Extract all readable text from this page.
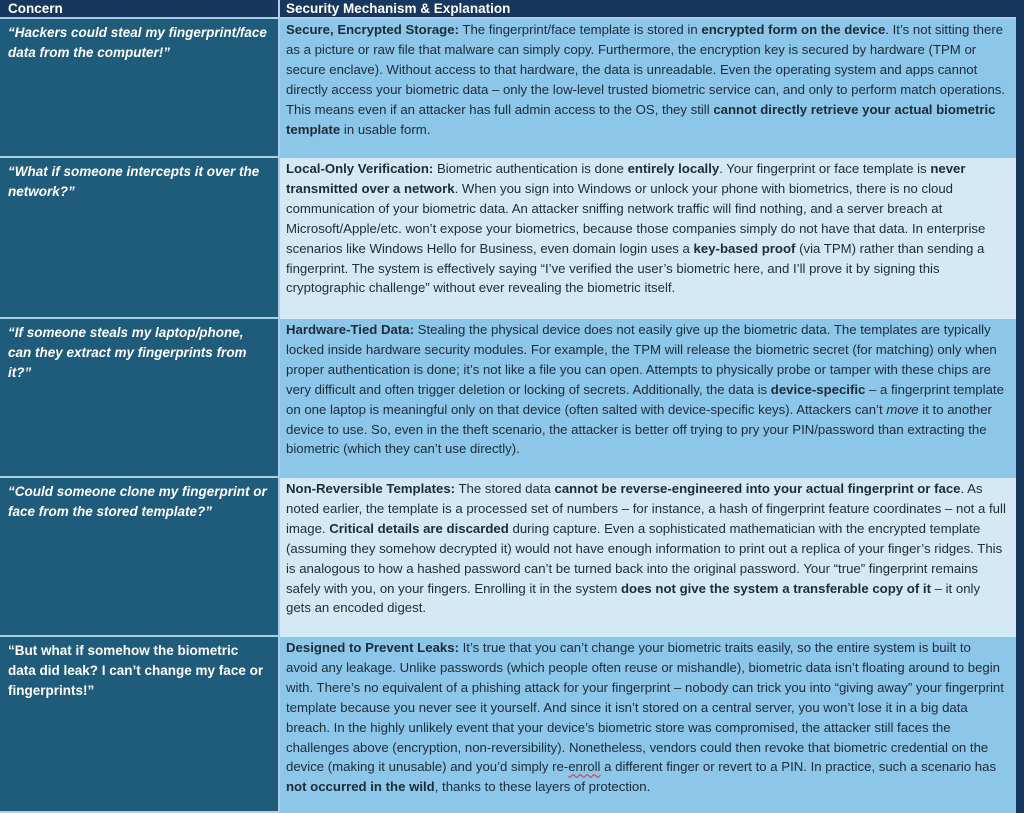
Concern	Security Mechanism & Explanation
“Hackers could steal my fingerprint/face data from the computer!”
Secure, Encrypted Storage: The fingerprint/face template is stored in encrypted form on the device. It’s not sitting there as a picture or raw file that malware can simply copy. Furthermore, the encryption key is secured by hardware (TPM or secure enclave). Without access to that hardware, the data is unreadable. Even the operating system and apps cannot directly access your biometric data – only the low-level trusted biometric service can, and only to perform match operations. This means even if an attacker has full admin access to the OS, they still cannot directly retrieve your actual biometric template in usable form.
“What if someone intercepts it over the network?”
Local-Only Verification: Biometric authentication is done entirely locally. Your fingerprint or face template is never transmitted over a network. When you sign into Windows or unlock your phone with biometrics, there is no cloud communication of your biometric data. An attacker sniffing network traffic will find nothing, and a server breach at Microsoft/Apple/etc. won’t expose your biometrics, because those companies simply do not have that data. In enterprise scenarios like Windows Hello for Business, even domain login uses a key-based proof (via TPM) rather than sending a fingerprint. The system is effectively saying “I’ve verified the user’s biometric here, and I’ll prove it by signing this cryptographic challenge” without ever revealing the biometric itself.
“If someone steals my laptop/phone, can they extract my fingerprints from it?”
Hardware-Tied Data: Stealing the physical device does not easily give up the biometric data. The templates are typically locked inside hardware security modules. For example, the TPM will release the biometric secret (for matching) only when proper authentication is done; it’s not like a file you can open. Attempts to physically probe or tamper with these chips are very difficult and often trigger deletion or locking of secrets. Additionally, the data is device-specific – a fingerprint template on one laptop is meaningful only on that device (often salted with device-specific keys). Attackers can’t move it to another device to use. So, even in the theft scenario, the attacker is better off trying to pry your PIN/password than extracting the biometric (which they can’t use directly).
“Could someone clone my fingerprint or face from the stored template?”
Non-Reversible Templates: The stored data cannot be reverse-engineered into your actual fingerprint or face. As noted earlier, the template is a processed set of numbers – for instance, a hash of fingerprint feature coordinates – not a full image. Critical details are discarded during capture. Even a sophisticated mathematician with the encrypted template (assuming they somehow decrypted it) would not have enough information to print out a replica of your finger’s ridges. This is analogous to how a hashed password can’t be turned back into the original password. Your “true” fingerprint remains safely with you, on your fingers. Enrolling it in the system does not give the system a transferable copy of it – it only gets an encoded digest.
“But what if somehow the biometric data did leak? I can’t change my face or fingerprints!”
Designed to Prevent Leaks: It’s true that you can’t change your biometric traits easily, so the entire system is built to avoid any leakage. Unlike passwords (which people often reuse or mishandle), biometric data isn’t floating around to begin with. There’s no equivalent of a phishing attack for your fingerprint – nobody can trick you into “giving away” your fingerprint template because you never see it yourself. And since it isn’t stored on a central server, you won’t lose it in a big data breach. In the highly unlikely event that your device’s biometric store was compromised, the attacker still faces the challenges above (encryption, non-reversibility). Nonetheless, vendors could then revoke that biometric credential on the device (making it unusable) and you’d simply re-enroll a different finger or revert to a PIN. In practice, such a scenario has not occurred in the wild, thanks to these layers of protection.
